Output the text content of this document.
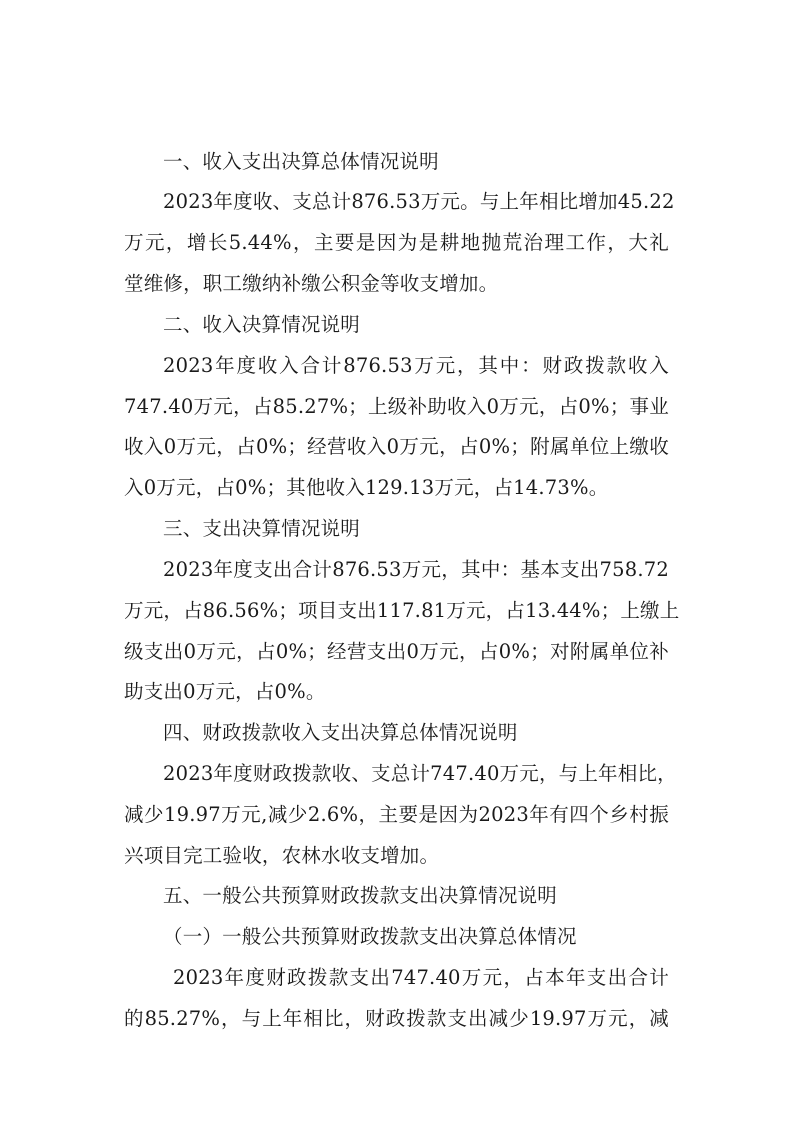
一、收入支出决算总体情况说明
2023年度收、支总计876.53万元。与上年相比增加45.22
万元，增长5.44%，主要是因为是耕地抛荒治理工作，大礼
堂维修，职工缴纳补缴公积金等收支增加。
二、收入决算情况说明
2023年度收入合计876.53万元，其中：财政拨款收入
747.40万元，占85.27%；上级补助收入0万元，占0%；事业
收入0万元，占0%；经营收入0万元，占0%；附属单位上缴收
入0万元，占0%；其他收入129.13万元，占14.73%。
三、支出决算情况说明
2023年度支出合计876.53万元，其中：基本支出758.72
万元，占86.56%；项目支出117.81万元，占13.44%；上缴上
级支出0万元，占0%；经营支出0万元，占0%；对附属单位补
助支出0万元，占0%。
四、财政拨款收入支出决算总体情况说明
2023年度财政拨款收、支总计747.40万元，与上年相比，
减少19.97万元,减少2.6%，主要是因为2023年有四个乡村振
兴项目完工验收，农林水收支增加。
五、一般公共预算财政拨款支出决算情况说明
（一）一般公共预算财政拨款支出决算总体情况
2023年度财政拨款支出747.40万元，占本年支出合计
的85.27%，与上年相比，财政拨款支出减少19.97万元，减
